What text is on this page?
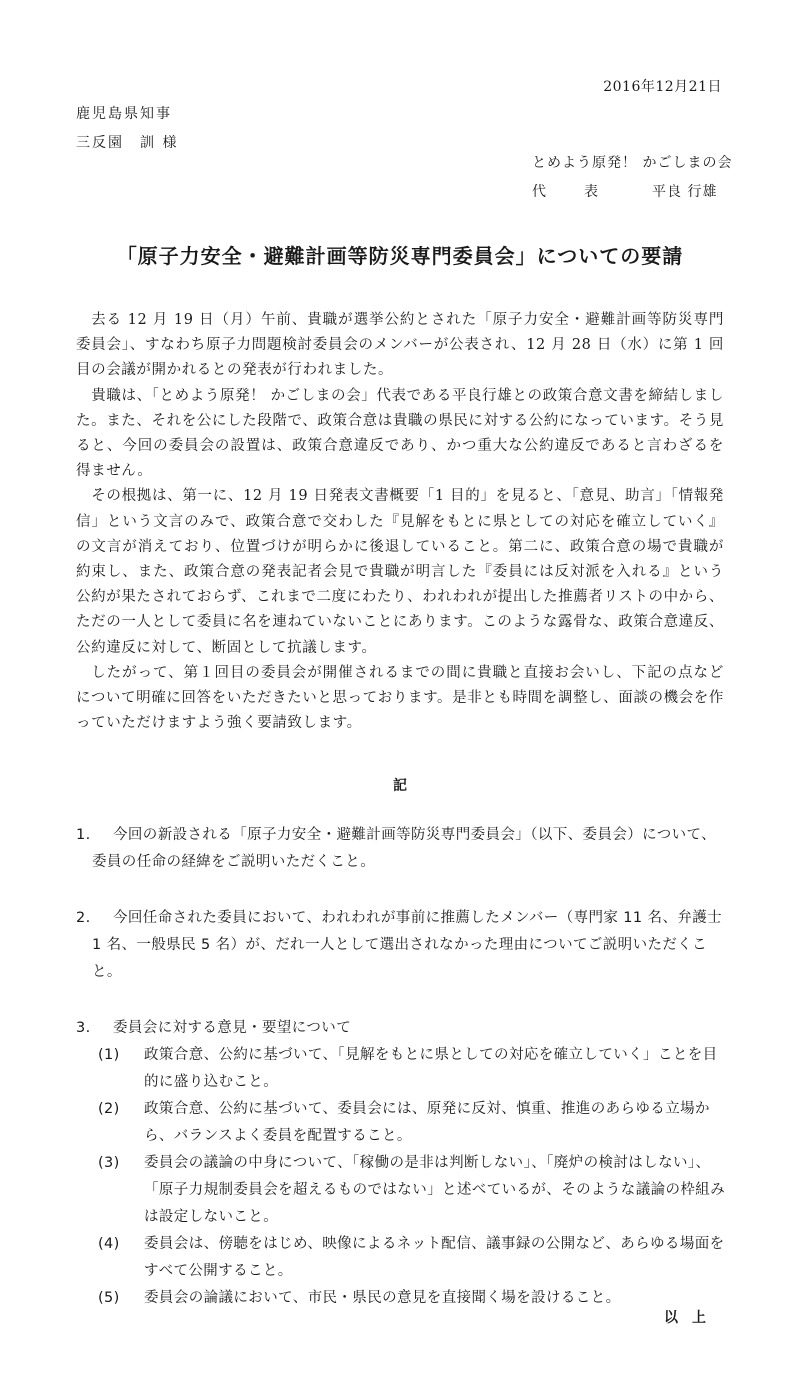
2016年12月21日
鹿児島県知事
三反園　訓 様
とめよう原発！ かごしまの会
代　表	平良 行雄
「原子力安全・避難計画等防災専門委員会」についての要請

去る 12 月 19 日（月）午前、貴職が選挙公約とされた「原子力安全・避難計画等防災専門委員会」、すなわち原子力問題検討委員会のメンバーが公表され、12 月 28 日（水）に第 1 回目の会議が開かれるとの発表が行われました。

貴職は、「とめよう原発！ かごしまの会」代表である平良行雄との政策合意文書を締結しました。また、それを公にした段階で、政策合意は貴職の県民に対する公約になっています。そう見ると、今回の委員会の設置は、政策合意違反であり、かつ重大な公約違反であると言わざるを得ません。

その根拠は、第一に、12 月 19 日発表文書概要「1 目的」を見ると、「意見、助言」「情報発信」という文言のみで、政策合意で交わした『見解をもとに県としての対応を確立していく』の文言が消えており、位置づけが明らかに後退していること。第二に、政策合意の場で貴職が約束し、また、政策合意の発表記者会見で貴職が明言した『委員には反対派を入れる』という公約が果たされておらず、これまで二度にわたり、われわれが提出した推薦者リストの中から、ただの一人として委員に名を連ねていないことにあります。このような露骨な、政策合意違反、公約違反に対して、断固として抗議します。

したがって、第１回目の委員会が開催されるまでの間に貴職と直接お会いし、下記の点などについて明確に回答をいただきたいと思っております。是非とも時間を調整し、面談の機会を作っていただけますよう強く要請致します。

記
1.	今回の新設される「原子力安全・避難計画等防災専門委員会」（以下、委員会）について、
委員の任命の経緯をご説明いただくこと。
2.	今回任命された委員において、われわれが事前に推薦したメンバー（専門家 11 名、弁護士
1 名、一般県民 5 名）が、だれ一人として選出されなかった理由についてご説明いただくこと。
3.	委員会に対する意見・要望について
(1)	政策合意、公約に基づいて、「見解をもとに県としての対応を確立していく」ことを目的に盛り込むこと。
(2)	政策合意、公約に基づいて、委員会には、原発に反対、慎重、推進のあらゆる立場から、バランスよく委員を配置すること。
(3)	委員会の議論の中身について、「稼働の是非は判断しない」、「廃炉の検討はしない」、「原子力規制委員会を超えるものではない」と述べているが、そのような議論の枠組みは設定しないこと。
(4)	委員会は、傍聴をはじめ、映像によるネット配信、議事録の公開など、あらゆる場面をすべて公開すること。
(5)	委員会の論議において、市民・県民の意見を直接聞く場を設けること。
以上
